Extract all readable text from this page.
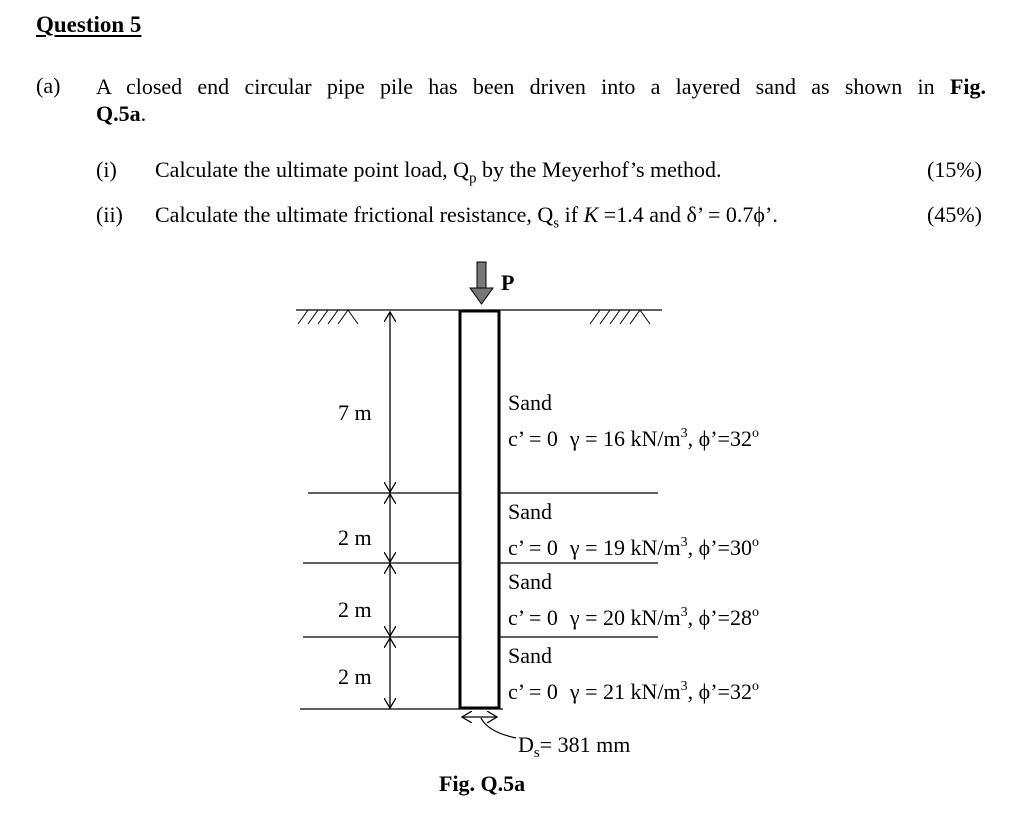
Question 5
(a) A closed end circular pipe pile has been driven into a layered sand as shown in Fig.
Q.5a.
(i) Calculate the ultimate point load, $Q_p$ by the Meyerhof’s method.	(15%)
(ii) Calculate the ultimate frictional resistance, $Q_s$ if K =1.4 and δ’ = 0.7ϕ’.	(45%)
P
7 m
2 m
2 m
2 m
Sand
c’ = 0 γ = 16 $kN/m^3$, $\phi’=32^o$
Sand
c’ = 0 γ = 19 $kN/m^3$, $\phi’=30^o$
Sand
c’ = 0 γ = 20 $kN/m^3$, $\phi’=28^o$
Sand
c’ = 0 γ = 21 $kN/m^3$, $\phi’=32^o$
$D_s= 381$ mm
Fig. Q.5a
